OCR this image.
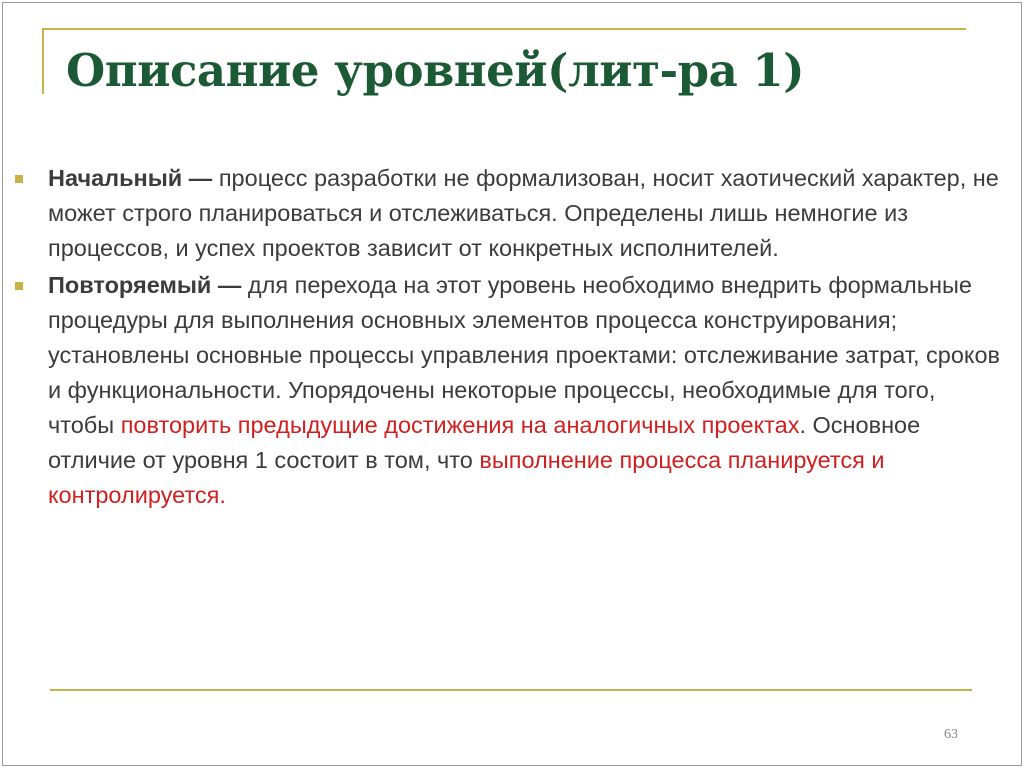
Описание уровней(лит-ра 1)

Начальный — процесс разработки не формализован, носит хаотический характер, не может строго планироваться и отслеживаться. Определены лишь немногие из процессов, и успех проектов зависит от конкретных исполнителей.

Повторяемый — для перехода на этот уровень необходимо внедрить формальные процедуры для выполнения основных элементов процесса конструирования; установлены основные процессы управления проектами: отслеживание затрат, сроков и функциональности. Упорядочены некоторые процессы, необходимые для того, чтобы повторить предыдущие достижения на аналогичных проектах. Основное отличие от уровня 1 состоит в том, что выполнение процесса планируется и контролируется.

63
